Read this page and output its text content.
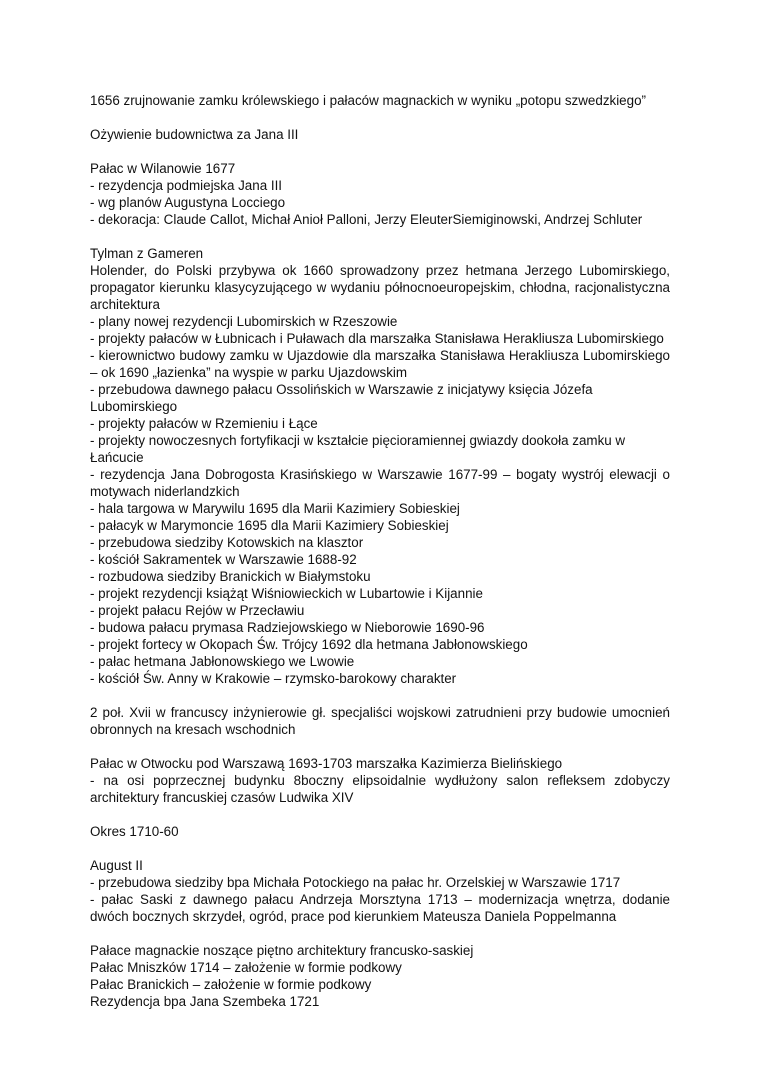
1656 zrujnowanie zamku królewskiego i pałaców magnackich w wyniku „potopu szwedzkiego”

Ożywienie budownictwa za Jana III

Pałac w Wilanowie 1677

- rezydencja podmiejska Jana III

- wg planów Augustyna Locciego

- dekoracja: Claude Callot, Michał Anioł Palloni, Jerzy EleuterSiemiginowski, Andrzej Schluter

Tylman z Gameren

Holender, do Polski przybywa ok 1660 sprowadzony przez hetmana Jerzego Lubomirskiego, propagator kierunku klasycyzującego w wydaniu północnoeuropejskim, chłodna, racjonalistyczna architektura

- plany nowej rezydencji Lubomirskich w Rzeszowie

- projekty pałaców w Łubnicach i Puławach dla marszałka Stanisława Herakliusza Lubomirskiego

- kierownictwo budowy zamku w Ujazdowie dla marszałka Stanisława Herakliusza Lubomirskiego – ok 1690 „łazienka” na wyspie w parku Ujazdowskim

- przebudowa dawnego pałacu Ossolińskich w Warszawie z inicjatywy księcia Józefa Lubomirskiego

- projekty pałaców w Rzemieniu i Łące

- projekty nowoczesnych fortyfikacji w kształcie pięcioramiennej gwiazdy dookoła zamku w Łańcucie

- rezydencja Jana Dobrogosta Krasińskiego w Warszawie 1677-99 – bogaty wystrój elewacji o motywach niderlandzkich

- hala targowa w Marywilu 1695 dla Marii Kazimiery Sobieskiej

- pałacyk w Marymoncie 1695 dla Marii Kazimiery Sobieskiej

- przebudowa siedziby Kotowskich na klasztor

- kościół Sakramentek w Warszawie 1688-92

- rozbudowa siedziby Branickich w Białymstoku

- projekt rezydencji książąt Wiśniowieckich w Lubartowie i Kijannie

- projekt pałacu Rejów w Przecławiu

- budowa pałacu prymasa Radziejowskiego w Nieborowie 1690-96

- projekt fortecy w Okopach Św. Trójcy 1692 dla hetmana Jabłonowskiego

- pałac hetmana Jabłonowskiego we Lwowie

- kościół Św. Anny w Krakowie – rzymsko-barokowy charakter

2 poł. Xvii w francuscy inżynierowie gł. specjaliści wojskowi zatrudnieni przy budowie umocnień obronnych na kresach wschodnich

Pałac w Otwocku pod Warszawą 1693-1703 marszałka Kazimierza Bielińskiego

- na osi poprzecznej budynku 8boczny elipsoidalnie wydłużony salon refleksem zdobyczy architektury francuskiej czasów Ludwika XIV

Okres 1710-60

August II

- przebudowa siedziby bpa Michała Potockiego na pałac hr. Orzelskiej w Warszawie 1717

- pałac Saski z dawnego pałacu Andrzeja Morsztyna 1713 – modernizacja wnętrza, dodanie dwóch bocznych skrzydeł, ogród, prace pod kierunkiem Mateusza Daniela Poppelmanna

Pałace magnackie noszące piętno architektury francusko-saskiej

Pałac Mniszków 1714 – założenie w formie podkowy

Pałac Branickich – założenie w formie podkowy

Rezydencja bpa Jana Szembeka 1721
